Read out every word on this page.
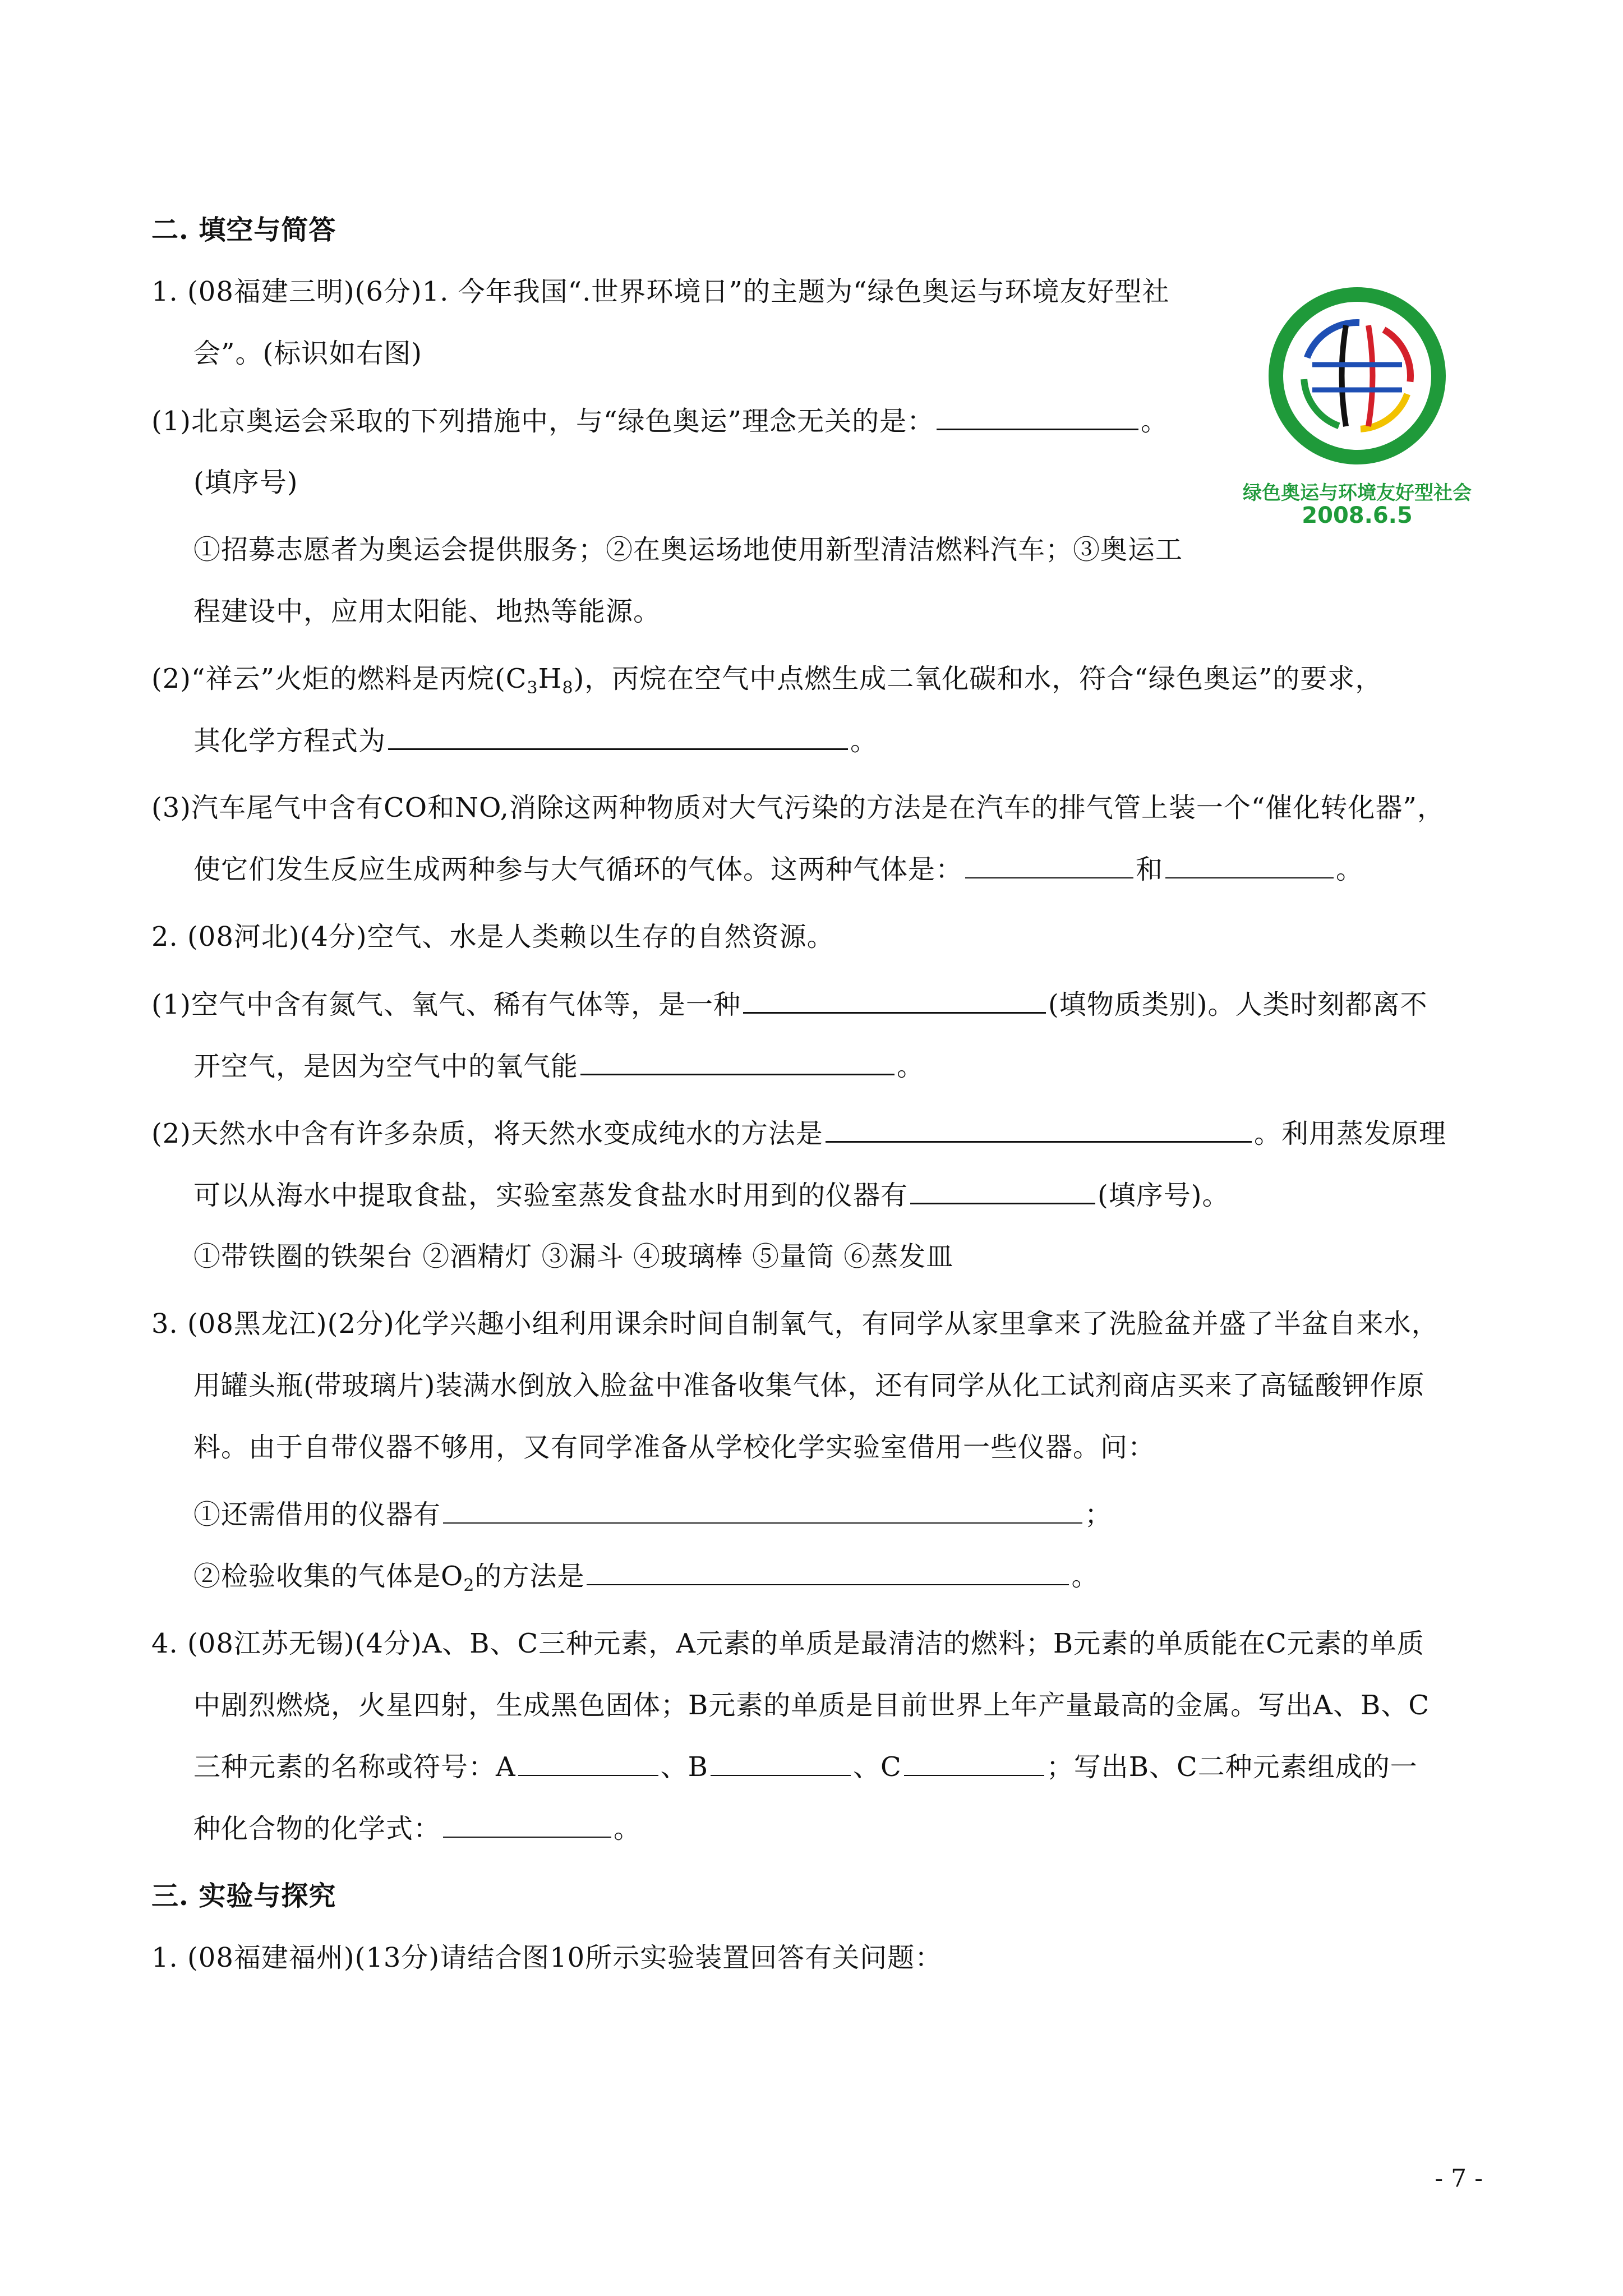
二. 填空与简答
1. (08福建三明)(6分)1. 今年我国“.世界环境日”的主题为“绿色奥运与环境友好型社
会”。(标识如右图)
(1)北京奥运会采取的下列措施中，与“绿色奥运”理念无关的是：	。
(填序号)
①招募志愿者为奥运会提供服务；②在奥运场地使用新型清洁燃料汽车；③奥运工
程建设中，应用太阳能、地热等能源。
(2)“祥云”火炬的燃料是丙烷$(C_3H_8)$，丙烷在空气中点燃生成二氧化碳和水，符合“绿色奥运”的要求，
其化学方程式为	。
(3)汽车尾气中含有CO和NO,消除这两种物质对大气污染的方法是在汽车的排气管上装一个“催化转化器”，
使它们发生反应生成两种参与大气循环的气体。这两种气体是：	和	。
绿色奥运与环境友好型社会
2008.6.5
2. (08河北)(4分)空气、水是人类赖以生存的自然资源。
(1)空气中含有氮气、氧气、稀有气体等，是一种	(填物质类别)。人类时刻都离不
开空气，是因为空气中的氧气能	。
(2)天然水中含有许多杂质，将天然水变成纯水的方法是	。利用蒸发原理
可以从海水中提取食盐，实验室蒸发食盐水时用到的仪器有	(填序号)。
①带铁圈的铁架台 ②酒精灯 ③漏斗 ④玻璃棒 ⑤量筒 ⑥蒸发皿
3. (08黑龙江)(2分)化学兴趣小组利用课余时间自制氧气，有同学从家里拿来了洗脸盆并盛了半盆自来水，
用罐头瓶(带玻璃片)装满水倒放入脸盆中准备收集气体，还有同学从化工试剂商店买来了高锰酸钾作原
料。由于自带仪器不够用，又有同学准备从学校化学实验室借用一些仪器。问：
①还需借用的仪器有	；
②检验收集的气体是$O_2$的方法是	。
4. (08江苏无锡)(4分)A、B、C三种元素，A元素的单质是最清洁的燃料；B元素的单质能在C元素的单质
中剧烈燃烧，火星四射，生成黑色固体；B元素的单质是目前世界上年产量最高的金属。写出A、B、C
三种元素的名称或符号：A	、B	、C	；写出B、C二种元素组成的一
种化合物的化学式：	。
三. 实验与探究
1. (08福建福州)(13分)请结合图10所示实验装置回答有关问题：
- 7 -
